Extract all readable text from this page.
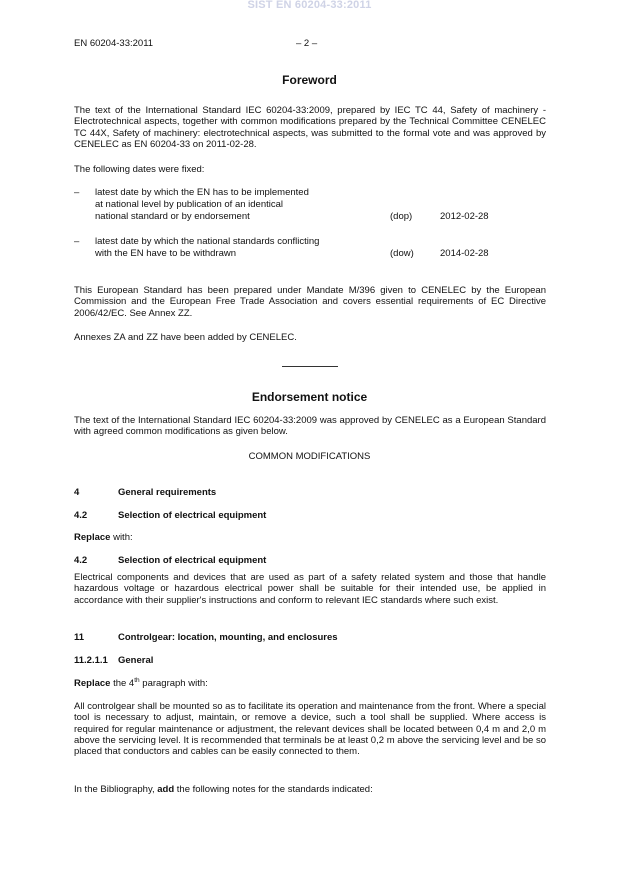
SIST EN 60204-33:2011
EN 60204-33:2011	– 2 –
Foreword
The text of the International Standard IEC 60204-33:2009, prepared by IEC TC 44, Safety of machinery - Electrotechnical aspects, together with common modifications prepared by the Technical Committee CENELEC TC 44X, Safety of machinery: electrotechnical aspects, was submitted to the formal vote and was approved by CENELEC as EN 60204-33 on 2011-02-28.
The following dates were fixed:
– latest date by which the EN has to be implemented
at national level by publication of an identical
national standard or by endorsement	(dop)	2012-02-28
– latest date by which the national standards conflicting
with the EN have to be withdrawn	(dow)	2014-02-28
This European Standard has been prepared under Mandate M/396 given to CENELEC by the European Commission and the European Free Trade Association and covers essential requirements of EC Directive 2006/42/EC. See Annex ZZ.
Annexes ZA and ZZ have been added by CENELEC.
Endorsement notice
The text of the International Standard IEC 60204-33:2009 was approved by CENELEC as a European Standard with agreed common modifications as given below.
COMMON MODIFICATIONS
4	General requirements
4.2	Selection of electrical equipment
Replace with:
4.2	Selection of electrical equipment
Electrical components and devices that are used as part of a safety related system and those that handle hazardous voltage or hazardous electrical power shall be suitable for their intended use, be applied in accordance with their supplier's instructions and conform to relevant IEC standards where such exist.
11	Controlgear: location, mounting, and enclosures
11.2.1.1 General
Replace the 4th paragraph with:
All controlgear shall be mounted so as to facilitate its operation and maintenance from the front. Where a special tool is necessary to adjust, maintain, or remove a device, such a tool shall be supplied. Where access is required for regular maintenance or adjustment, the relevant devices shall be located between 0,4 m and 2,0 m above the servicing level. It is recommended that terminals be at least 0,2 m above the servicing level and be so placed that conductors and cables can be easily connected to them.
In the Bibliography, add the following notes for the standards indicated:
